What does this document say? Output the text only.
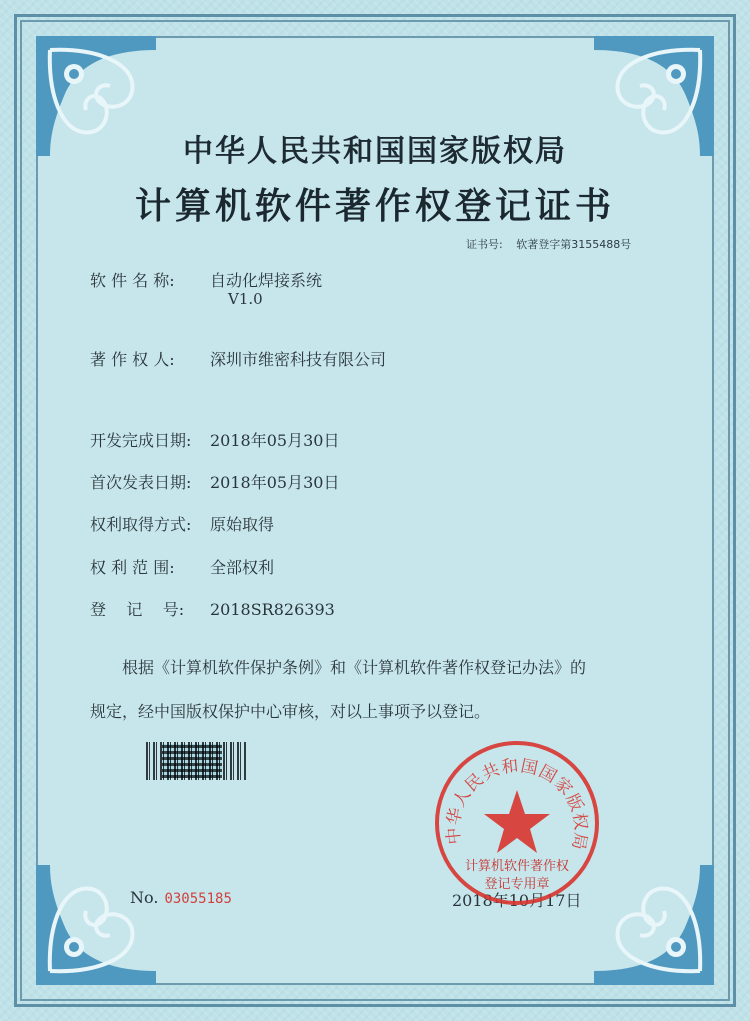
中华人民共和国国家版权局
计算机软件著作权登记证书
证书号: 软著登字第3155488号
软 件 名 称: 自动化焊接系统
V1.0
著 作 权 人: 深圳市维密科技有限公司
开发完成日期: 2018年05月30日
首次发表日期: 2018年05月30日
权利取得方式: 原始取得
权 利 范 围: 全部权利
登    记    号: 2018SR826393
根据《计算机软件保护条例》和《计算机软件著作权登记办法》的
规定，经中国版权保护中心审核，对以上事项予以登记。
No. 03055185	2018年10月17日
中华人民共和国国家版权局
计算机软件著作权
登记专用章
